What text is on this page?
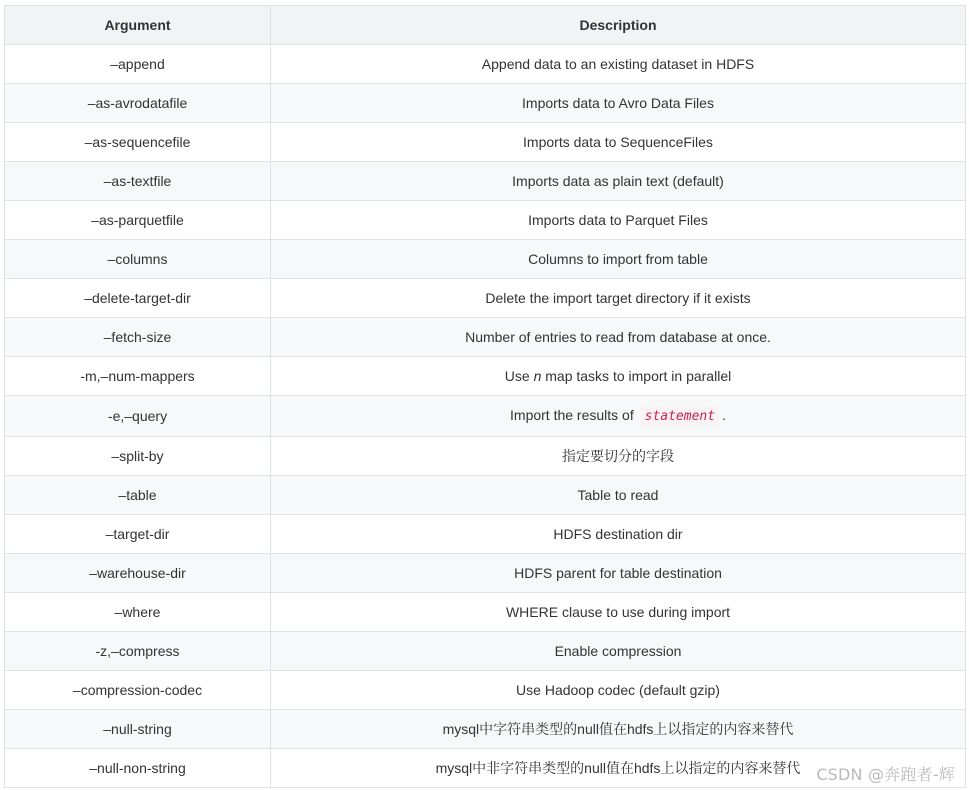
Argument	Description
–append	Append data to an existing dataset in HDFS
–as-avrodatafile	Imports data to Avro Data Files
–as-sequencefile	Imports data to SequenceFiles
–as-textfile	Imports data as plain text (default)
–as-parquetfile	Imports data to Parquet Files
–columns	Columns to import from table
–delete-target-dir	Delete the import target directory if it exists
–fetch-size	Number of entries to read from database at once.
-m,–num-mappers	Use n map tasks to import in parallel
-e,–query	Import the results of statement .
–split-by	指定要切分的字段
–table	Table to read
–target-dir	HDFS destination dir
–warehouse-dir	HDFS parent for table destination
–where	WHERE clause to use during import
-z,–compress	Enable compression
–compression-codec	Use Hadoop codec (default gzip)
–null-string	mysql中字符串类型的null值在hdfs上以指定的内容来替代
–null-non-string	mysql中非字符串类型的null值在hdfs上以指定的内容来替代 CSDN @奔跑者-辉
